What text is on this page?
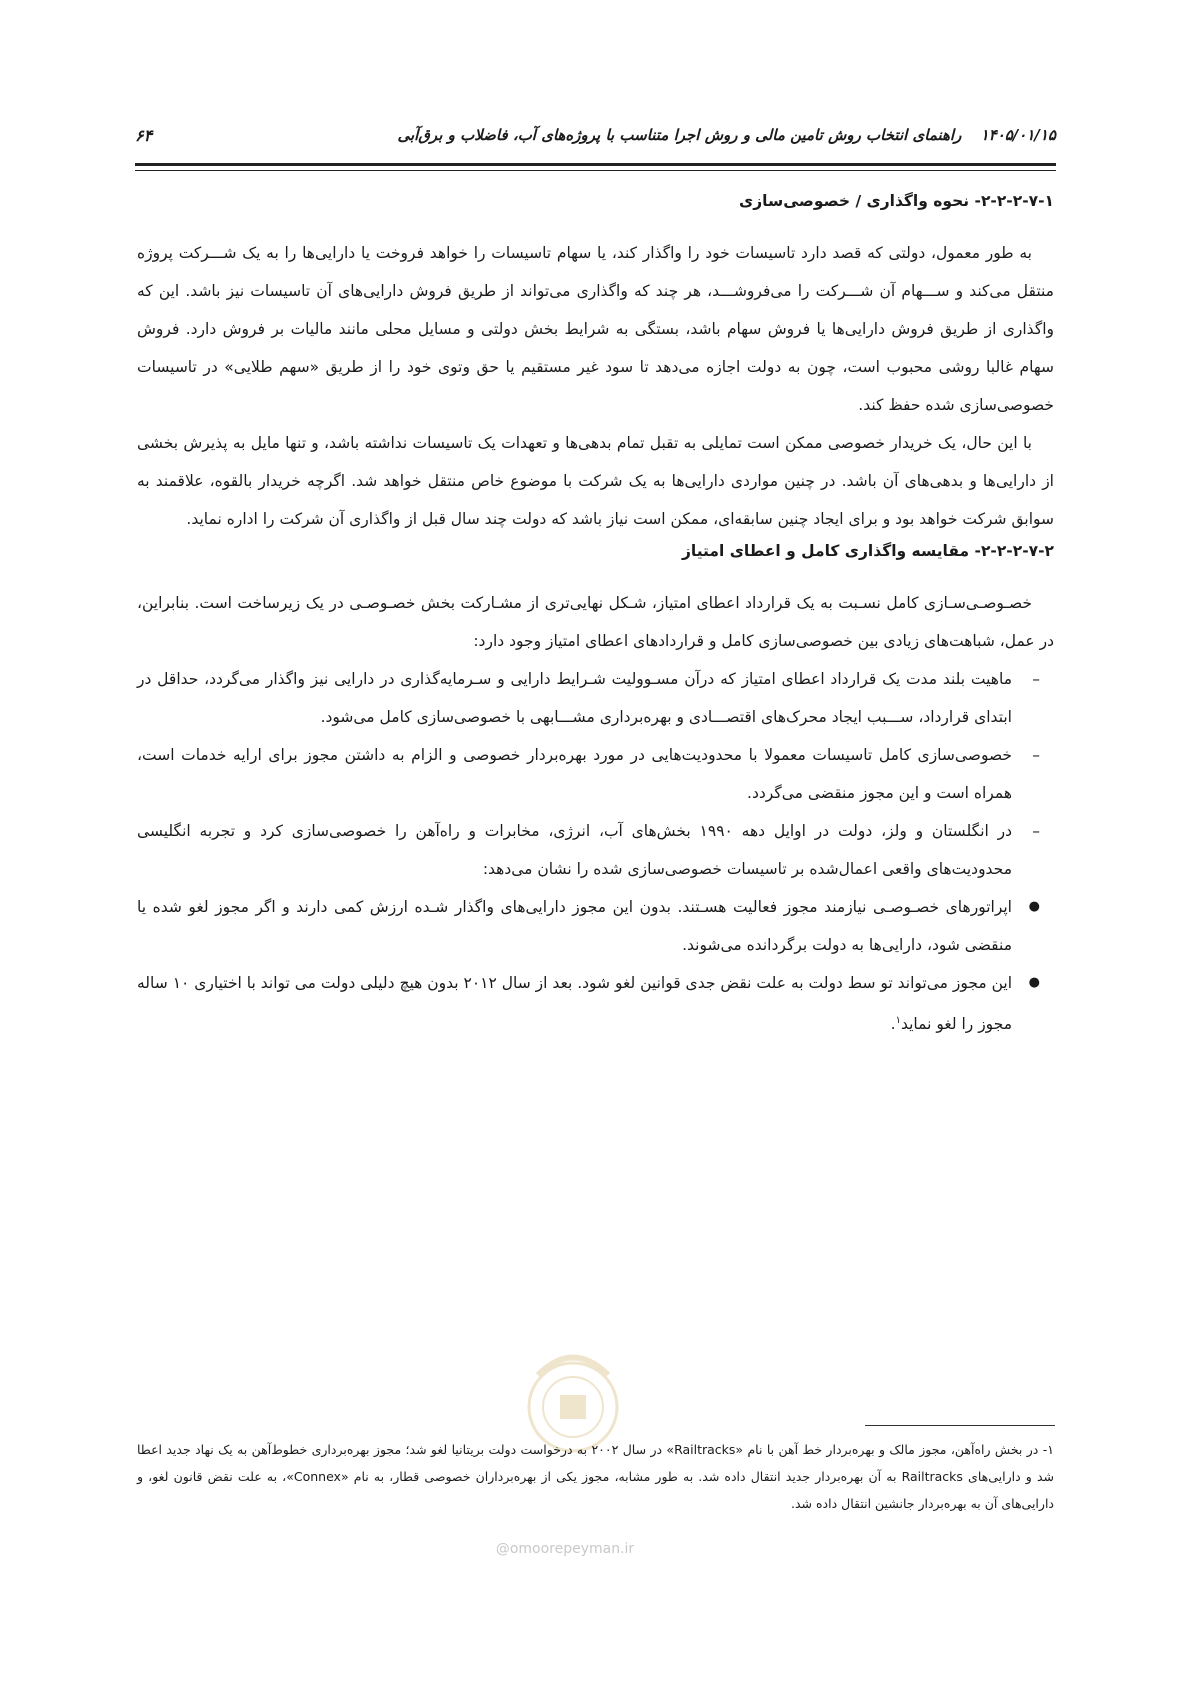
۱۴۰۵/۰۱/۱۵ راهنمای انتخاب روش تامین مالی و روش اجرا متناسب با پروژه‌های آب، فاضلاب و برق‌آبی
۶۴
۲-۲-۲-۷-۱- نحوه واگذاری / خصوصی‌سازی

به طور معمول، دولتی که قصد دارد تاسیسات خود را واگذار کند، یا سهام تاسیسات را خواهد فروخت یا دارایی‌ها را به یک شـــرکت پروژه منتقل می‌کند و ســـهام آن شـــرکت را می‌فروشـــد، هر چند که واگذاری می‌تواند از طریق فروش دارایی‌های آن تاسیسات نیز باشد. این که واگذاری از طریق فروش دارایی‌ها یا فروش سهام باشد، بستگی به شرایط بخش دولتی و مسایل محلی مانند مالیات بر فروش دارد. فروش سهام غالبا روشی محبوب است، چون به دولت اجازه می‌دهد تا سود غیر مستقیم یا حق وتوی خود را از طریق «سهم طلایی» در تاسیسات خصوصی‌سازی شده حفظ کند.

با این حال، یک خریدار خصوصی ممکن است تمایلی به تقبل تمام بدهی‌ها و تعهدات یک تاسیسات نداشته باشد، و تنها مایل به پذیرش بخشی از دارایی‌ها و بدهی‌های آن باشد. در چنین مواردی دارایی‌ها به یک شرکت با موضوع خاص منتقل خواهد شد. اگرچه خریدار بالقوه، علاقمند به سوابق شرکت خواهد بود و برای ایجاد چنین سابقه‌ای، ممکن است نیاز باشد که دولت چند سال قبل از واگذاری آن شرکت را اداره نماید.

۲-۲-۲-۷-۲- مقایسه واگذاری کامل و اعطای امتیاز

خصـوصـی‌سـازی کامل نسـبت به یک قرارداد اعطای امتیاز، شـکل نهایی‌تری از مشـارکت بخش خصـوصـی در یک زیرساخت است. بنابراین، در عمل، شباهت‌های زیادی بین خصوصی‌سازی کامل و قراردادهای اعطای امتیاز وجود دارد:

–
ماهیت بلند مدت یک قرارداد اعطای امتیاز که درآن مسـوولیت شـرایط دارایی و سـرمایه‌گذاری در دارایی نیز واگذار می‌گردد، حداقل در ابتدای قرارداد، ســـبب ایجاد محرک‌های اقتصـــادی و بهره‌برداری مشـــابهی با خصوصی‌سازی کامل می‌شود.
–
خصوصی‌سازی کامل تاسیسات معمولا با محدودیت‌هایی در مورد بهره‌بردار خصوصی و الزام به داشتن مجوز برای ارایه خدمات است، همراه است و این مجوز منقضی می‌گردد.
–
در انگلستان و ولز، دولت در اوایل دهه ۱۹۹۰ بخش‌های آب، انرژی، مخابرات و راه‌آهن را خصوصی‌سازی کرد و تجربه انگلیسی محدودیت‌های واقعی اعمال‌شده بر تاسیسات خصوصی‌سازی شده را نشان می‌دهد:
●
اپراتورهای خصـوصـی نیازمند مجوز فعالیت هسـتند. بدون این مجوز دارایی‌های واگذار شـده ارزش کمی دارند و اگر مجوز لغو شده یا منقضی شود، دارایی‌ها به دولت برگردانده می‌شوند.
●
این مجوز می‌تواند تو سط دولت به علت نقض جدی قوانین لغو شود. بعد از سال ۲۰۱۲ بدون هیچ دلیلی دولت می تواند با اختیاری ۱۰ ساله مجوز را لغو نماید$^۱$.
۱- در بخش راه‌آهن، مجوز مالک و بهره‌بردار خط آهن با نام «Railtracks» در سال ۲۰۰۲ به درخواست دولت بریتانیا لغو شد؛ مجوز بهره‌برداری خطوط‌آهن به یک نهاد جدید اعطا شد و دارایی‌های Railtracks به آن بهره‌بردار جدید انتقال داده شد. به طور مشابه، مجوز یکی از بهره‌برداران خصوصی قطار، به نام «Connex»، به علت نقض قانون لغو، و دارایی‌های آن به بهره‌بردار جانشین انتقال داده شد.
@omoorepeyman.ir
